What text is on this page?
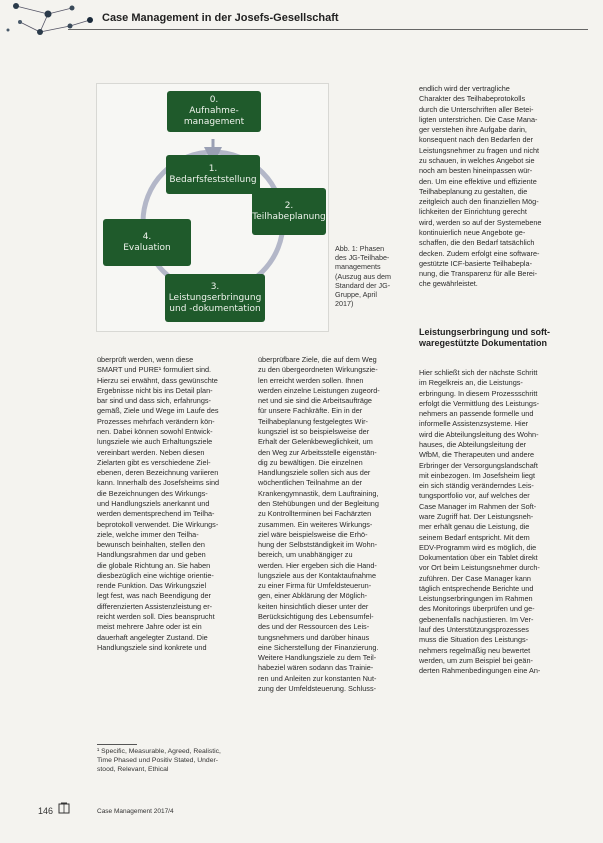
Case Management in der Josefs-Gesellschaft
0.
Aufnahme-
management
1.
Bedarfsfeststellung
2.
Teilhabeplanung
4.
Evaluation
3.
Leistungserbringung
und -dokumentation
Abb. 1: Phasen
des JG-Teilhabe-
managements
(Auszug aus dem
Standard der JG-
Gruppe, April
2017)
überprüft werden, wenn diese
SMART und PURE¹ formuliert sind.
Hierzu sei erwähnt, dass gewünschte
Ergebnisse nicht bis ins Detail plan-
bar sind und dass sich, erfahrungs-
gemäß, Ziele und Wege im Laufe des
Prozesses mehrfach verändern kön-
nen. Dabei können sowohl Entwick-
lungsziele wie auch Erhaltungsziele
vereinbart werden. Neben diesen
Zielarten gibt es verschiedene Ziel-
ebenen, deren Bezeichnung variieren
kann. Innerhalb des Josefsheims sind
die Bezeichnungen des Wirkungs-
und Handlungsziels anerkannt und
werden dementsprechend im Teilha-
beprotokoll verwendet. Die Wirkungs-
ziele, welche immer den Teilha-
bewunsch beinhalten, stellen den
Handlungsrahmen dar und geben
die globale Richtung an. Sie haben
diesbezüglich eine wichtige orientie-
rende Funktion. Das Wirkungsziel
legt fest, was nach Beendigung der
differenzierten Assistenzleistung er-
reicht werden soll. Dies beansprucht
meist mehrere Jahre oder ist ein
dauerhaft angelegter Zustand. Die
Handlungsziele sind konkrete und
überprüfbare Ziele, die auf dem Weg
zu den übergeordneten Wirkungszie-
len erreicht werden sollen. Ihnen
werden einzelne Leistungen zugeord-
net und sie sind die Arbeitsaufträge
für unsere Fachkräfte. Ein in der
Teilhabeplanung festgelegtes Wir-
kungsziel ist so beispielsweise der
Erhalt der Gelenkbeweglichkeit, um
den Weg zur Arbeitsstelle eigenstän-
dig zu bewältigen. Die einzelnen
Handlungsziele sollen sich aus der
wöchentlichen Teilnahme an der
Krankengymnastik, dem Lauftraining,
den Stehübungen und der Begleitung
zu Kontrollterminen bei Fachärzten
zusammen. Ein weiteres Wirkungs-
ziel wäre beispielsweise die Erhö-
hung der Selbstständigkeit im Wohn-
bereich, um unabhängiger zu
werden. Hier ergeben sich die Hand-
lungsziele aus der Kontaktaufnahme
zu einer Firma für Umfeldsteuerun-
gen, einer Abklärung der Möglich-
keiten hinsichtlich dieser unter der
Berücksichtigung des Lebensumfel-
des und der Ressourcen des Leis-
tungsnehmers und darüber hinaus
eine Sicherstellung der Finanzierung.
Weitere Handlungsziele zu dem Teil-
habeziel wären sodann das Trainie-
ren und Anleiten zur konstanten Nut-
zung der Umfeldsteuerung. Schluss-
endlich wird der vertragliche
Charakter des Teilhabeprotokolls
durch die Unterschriften aller Betei-
ligten unterstrichen. Die Case Mana-
ger verstehen ihre Aufgabe darin,
konsequent nach den Bedarfen der
Leistungsnehmer zu fragen und nicht
zu schauen, in welches Angebot sie
noch am besten hineinpassen wür-
den. Um eine effektive und effiziente
Teilhabeplanung zu gestalten, die
zeitgleich auch den finanziellen Mög-
lichkeiten der Einrichtung gerecht
wird, werden so auf der Systemebene
kontinuierlich neue Angebote ge-
schaffen, die den Bedarf tatsächlich
decken. Zudem erfolgt eine software-
gestützte ICF-basierte Teilhabepla-
nung, die Transparenz für alle Berei-
che gewährleistet.
Leistungserbringung und soft-
waregestützte Dokumentation
Hier schließt sich der nächste Schritt
im Regelkreis an, die Leistungs-
erbringung. In diesem Prozessschritt
erfolgt die Vermittlung des Leistungs-
nehmers an passende formelle und
informelle Assistenzsysteme. Hier
wird die Abteilungsleitung des Wohn-
hauses, die Abteilungsleitung der
WfbM, die Therapeuten und andere
Erbringer der Versorgungslandschaft
mit einbezogen. Im Josefsheim liegt
ein sich ständig veränderndes Leis-
tungsportfolio vor, auf welches der
Case Manager im Rahmen der Soft-
ware Zugriff hat. Der Leistungsneh-
mer erhält genau die Leistung, die
seinem Bedarf entspricht. Mit dem
EDV-Programm wird es möglich, die
Dokumentation über ein Tablet direkt
vor Ort beim Leistungsnehmer durch-
zuführen. Der Case Manager kann
täglich entsprechende Berichte und
Leistungserbringungen im Rahmen
des Monitorings überprüfen und ge-
gebenenfalls nachjustieren. Im Ver-
lauf des Unterstützungsprozesses
muss die Situation des Leistungs-
nehmers regelmäßig neu bewertet
werden, um zum Beispiel bei geän-
derten Rahmenbedingungen eine An-
¹ Specific, Measurable, Agreed, Realistic,
Time Phased und Positiv Stated, Under-
stood, Relevant, Ethical
146	Case Management 2017/4
